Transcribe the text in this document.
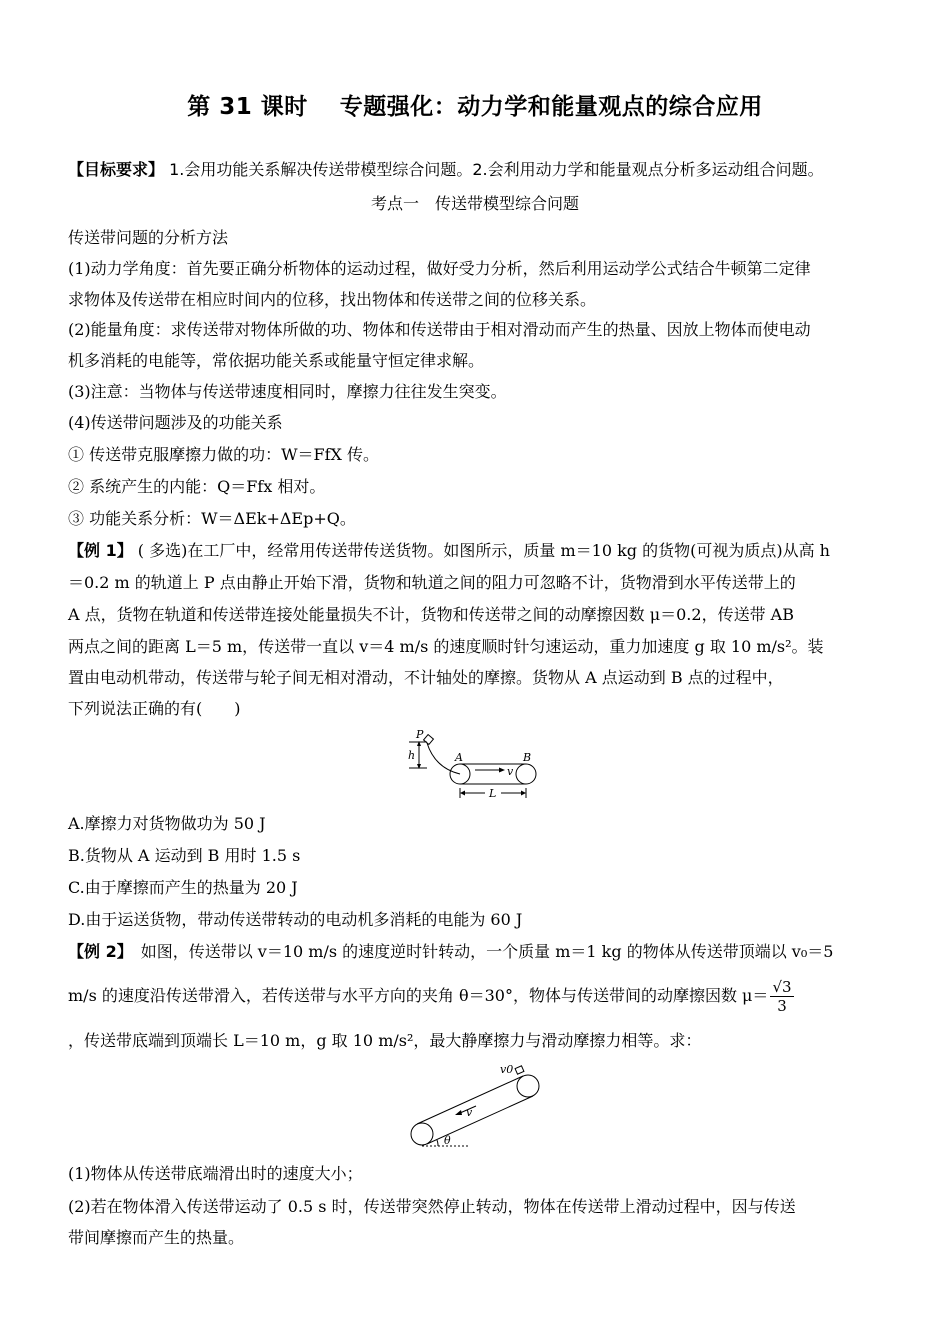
第 31 课时　 专题强化：动力学和能量观点的综合应用
【目标要求】 1.会用功能关系解决传送带模型综合问题。2.会利用动力学和能量观点分析多运动组合问题。
考点一　传送带模型综合问题
传送带问题的分析方法
(1)动力学角度：首先要正确分析物体的运动过程，做好受力分析，然后利用运动学公式结合牛顿第二定律
求物体及传送带在相应时间内的位移，找出物体和传送带之间的位移关系。
(2)能量角度：求传送带对物体所做的功、物体和传送带由于相对滑动而产生的热量、因放上物体而使电动
机多消耗的电能等，常依据功能关系或能量守恒定律求解。
(3)注意：当物体与传送带速度相同时，摩擦力往往发生突变。
(4)传送带问题涉及的功能关系
① 传送带克服摩擦力做的功：W＝FfX 传。
② 系统产生的内能：Q＝Ffx 相对。
③ 功能关系分析：W＝ΔEk+ΔEp+Q。
【例 1】 ( 多选)在工厂中，经常用传送带传送货物。如图所示，质量 m＝10 kg 的货物(可视为质点)从高 h
＝0.2 m 的轨道上 P 点由静止开始下滑，货物和轨道之间的阻力可忽略不计，货物滑到水平传送带上的
A 点，货物在轨道和传送带连接处能量损失不计，货物和传送带之间的动摩擦因数 μ＝0.2，传送带 AB
两点之间的距离 L＝5 m，传送带一直以 v＝4 m/s 的速度顺时针匀速运动，重力加速度 g 取 10 m/s²。装
置由电动机带动，传送带与轮子间无相对滑动，不计轴处的摩擦。货物从 A 点运动到 B 点的过程中，
下列说法正确的有(　　)
P
h	A	B
v
L
A.摩擦力对货物做功为 50 J
B.货物从 A 运动到 B 用时 1.5 s
C.由于摩擦而产生的热量为 20 J
D.由于运送货物，带动传送带转动的电动机多消耗的电能为 60 J
【例 2】　如图，传送带以 v＝10 m/s 的速度逆时针转动，一个质量 m＝1 kg 的物体从传送带顶端以 v₀＝5
m/s 的速度沿传送带滑入，若传送带与水平方向的夹角 θ＝30°，物体与传送带间的动摩擦因数 $\mu= \frac{√3}{3}$
，传送带底端到顶端长 L＝10 m，g 取 10 m/s²，最大静摩擦力与滑动摩擦力相等。求：
v0
v
θ
(1)物体从传送带底端滑出时的速度大小；
(2)若在物体滑入传送带运动了 0.5 s 时，传送带突然停止转动，物体在传送带上滑动过程中，因与传送
带间摩擦而产生的热量。
